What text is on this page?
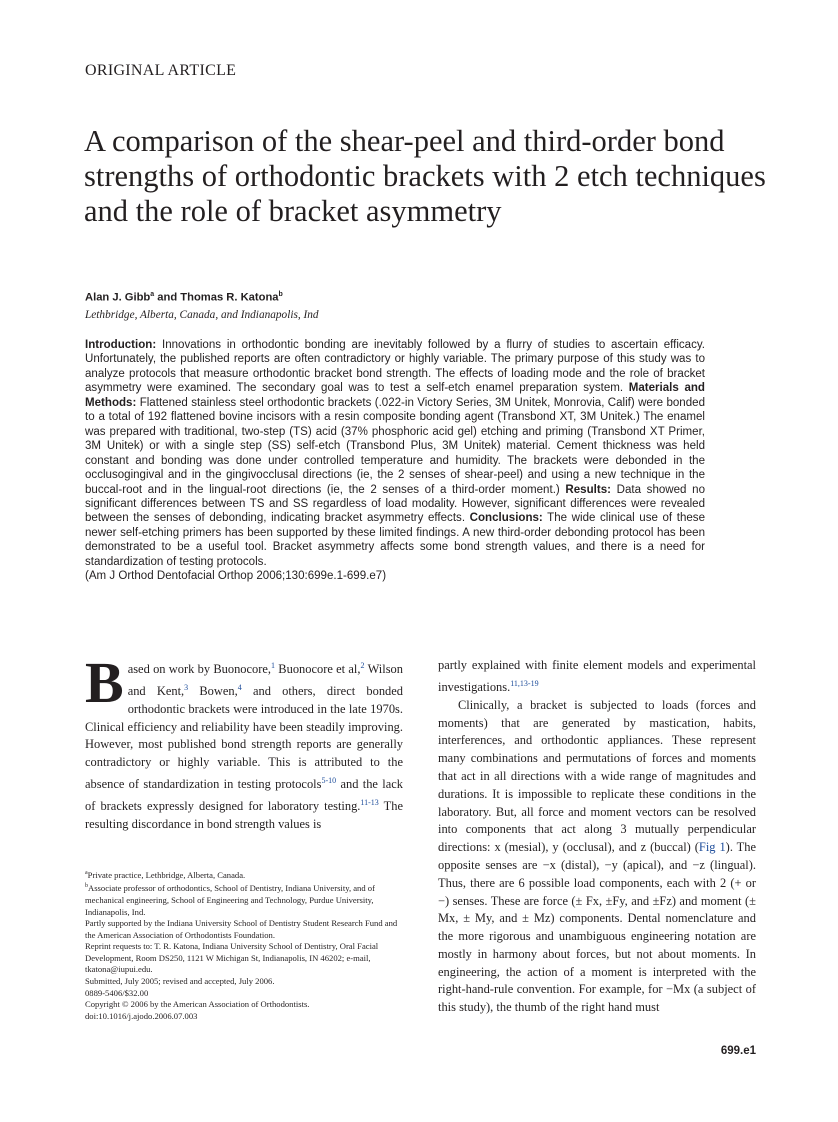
ORIGINAL ARTICLE
A comparison of the shear-peel and third-order bond strengths of orthodontic brackets with 2 etch techniques and the role of bracket asymmetry
Alan J. Gibb$^a$ and Thomas R. Katona$^b$
Lethbridge, Alberta, Canada, and Indianapolis, Ind

Introduction: Innovations in orthodontic bonding are inevitably followed by a flurry of studies to ascertain efficacy. Unfortunately, the published reports are often contradictory or highly variable. The primary purpose of this study was to analyze protocols that measure orthodontic bracket bond strength. The effects of loading mode and the role of bracket asymmetry were examined. The secondary goal was to test a self-etch enamel preparation system. Materials and Methods: Flattened stainless steel orthodontic brackets (.022-in Victory Series, 3M Unitek, Monrovia, Calif) were bonded to a total of 192 flattened bovine incisors with a resin composite bonding agent (Transbond XT, 3M Unitek.) The enamel was prepared with traditional, two-step (TS) acid (37% phosphoric acid gel) etching and priming (Transbond XT Primer, 3M Unitek) or with a single step (SS) self-etch (Transbond Plus, 3M Unitek) material. Cement thickness was held constant and bonding was done under controlled temperature and humidity. The brackets were debonded in the occlusogingival and in the gingivocclusal directions (ie, the 2 senses of shear-peel) and using a new technique in the buccal-root and in the lingual-root directions (ie, the 2 senses of a third-order moment.) Results: Data showed no significant differences between TS and SS regardless of load modality. However, significant differences were revealed between the senses of debonding, indicating bracket asymmetry effects. Conclusions: The wide clinical use of these newer self-etching primers has been supported by these limited findings. A new third-order debonding protocol has been demonstrated to be a useful tool. Bracket asymmetry affects some bond strength values, and there is a need for standardization of testing protocols.
(Am J Orthod Dentofacial Orthop 2006;130:699e.1-699.e7)

Based on work by Buonocore,$^1$ Buonocore et al,$^2$ Wilson and Kent,$^3$ Bowen,$^4$ and others, direct bonded orthodontic brackets were introduced in the late 1970s. Clinical efficiency and reliability have been steadily improving. However, most published bond strength reports are generally contradictory or highly variable. This is attributed to the absence of standardization in testing protocols$^{5-10}$ and the lack of brackets expressly designed for laboratory testing.$^{11-13}$ The resulting discordance in bond strength values is

partly explained with finite element models and experimental investigations.$^{11,13-19}$

Clinically, a bracket is subjected to loads (forces and moments) that are generated by mastication, habits, interferences, and orthodontic appliances. These represent many combinations and permutations of forces and moments that act in all directions with a wide range of magnitudes and durations. It is impossible to replicate these conditions in the laboratory. But, all force and moment vectors can be resolved into components that act along 3 mutually perpendicular directions: x (mesial), y (occlusal), and z (buccal) (Fig 1). The opposite senses are −x (distal), −y (apical), and −z (lingual). Thus, there are 6 possible load components, each with 2 (+ or −) senses. These are force (± Fx, ±Fy, and ±Fz) and moment (± Mx, ± My, and ± Mz) components. Dental nomenclature and the more rigorous and unambiguous engineering notation are mostly in harmony about forces, but not about moments. In engineering, the action of a moment is interpreted with the right-hand-rule convention. For example, for −Mx (a subject of this study), the thumb of the right hand must

$^a$Private practice, Lethbridge, Alberta, Canada.
$^b$Associate professor of orthodontics, School of Dentistry, Indiana University, and of mechanical engineering, School of Engineering and Technology, Purdue University, Indianapolis, Ind.
Partly supported by the Indiana University School of Dentistry Student Research Fund and the American Association of Orthodontists Foundation.
Reprint requests to: T. R. Katona, Indiana University School of Dentistry, Oral Facial Development, Room DS250, 1121 W Michigan St, Indianapolis, IN 46202; e-mail, tkatona@iupui.edu.
Submitted, July 2005; revised and accepted, July 2006.
0889-5406/$32.00
Copyright © 2006 by the American Association of Orthodontists.
doi:10.1016/j.ajodo.2006.07.003
699.e1
